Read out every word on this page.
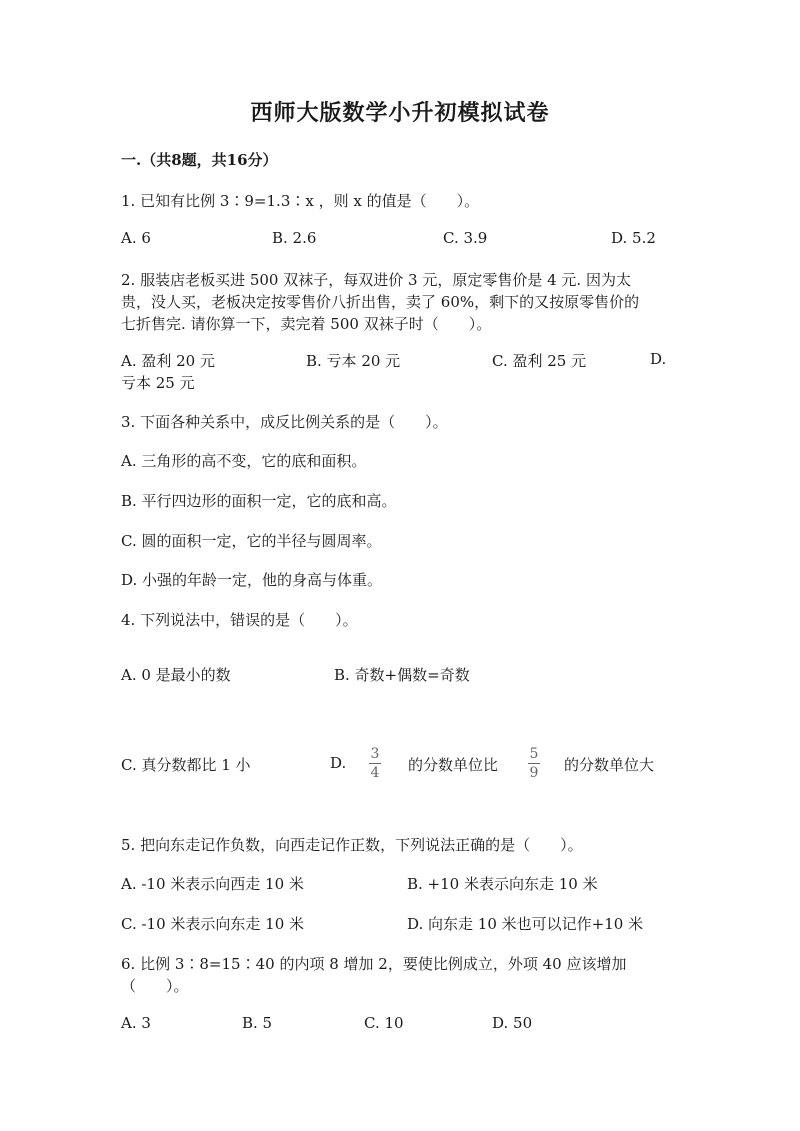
西师大版数学小升初模拟试卷
一.（共8题，共16分）
1. 已知有比例 3∶9=1.3∶x ，则 x 的值是（　　）。
A. 6	B. 2.6	C. 3.9	D. 5.2
2. 服装店老板买进 500 双袜子，每双进价 3 元，原定零售价是 4 元. 因为太
贵，没人买，老板决定按零售价八折出售，卖了 60%，剩下的又按原零售价的
七折售完. 请你算一下，卖完着 500 双袜子时（　　）。
A. 盈利 20 元	B. 亏本 20 元	C. 盈利 25 元	D.
亏本 25 元
3. 下面各种关系中，成反比例关系的是（　　）。
A. 三角形的高不变，它的底和面积。
B. 平行四边形的面积一定，它的底和高。
C. 圆的面积一定，它的半径与圆周率。
D. 小强的年龄一定，他的身高与体重。
4. 下列说法中，错误的是（　　）。
A. 0 是最小的数	B. 奇数+偶数=奇数
C. 真分数都比 1 小	D. 3
4 的分数单位比
5
9 的分数单位大
5. 把向东走记作负数，向西走记作正数，下列说法正确的是（　　）。
A. -10 米表示向西走 10 米	B. +10 米表示向东走 10 米
C. -10 米表示向东走 10 米	D. 向东走 10 米也可以记作+10 米
6. 比例 3∶8=15∶40 的内项 8 增加 2，要使比例成立，外项 40 应该增加
（　　）。
A. 3	B. 5	C. 10	D. 50
